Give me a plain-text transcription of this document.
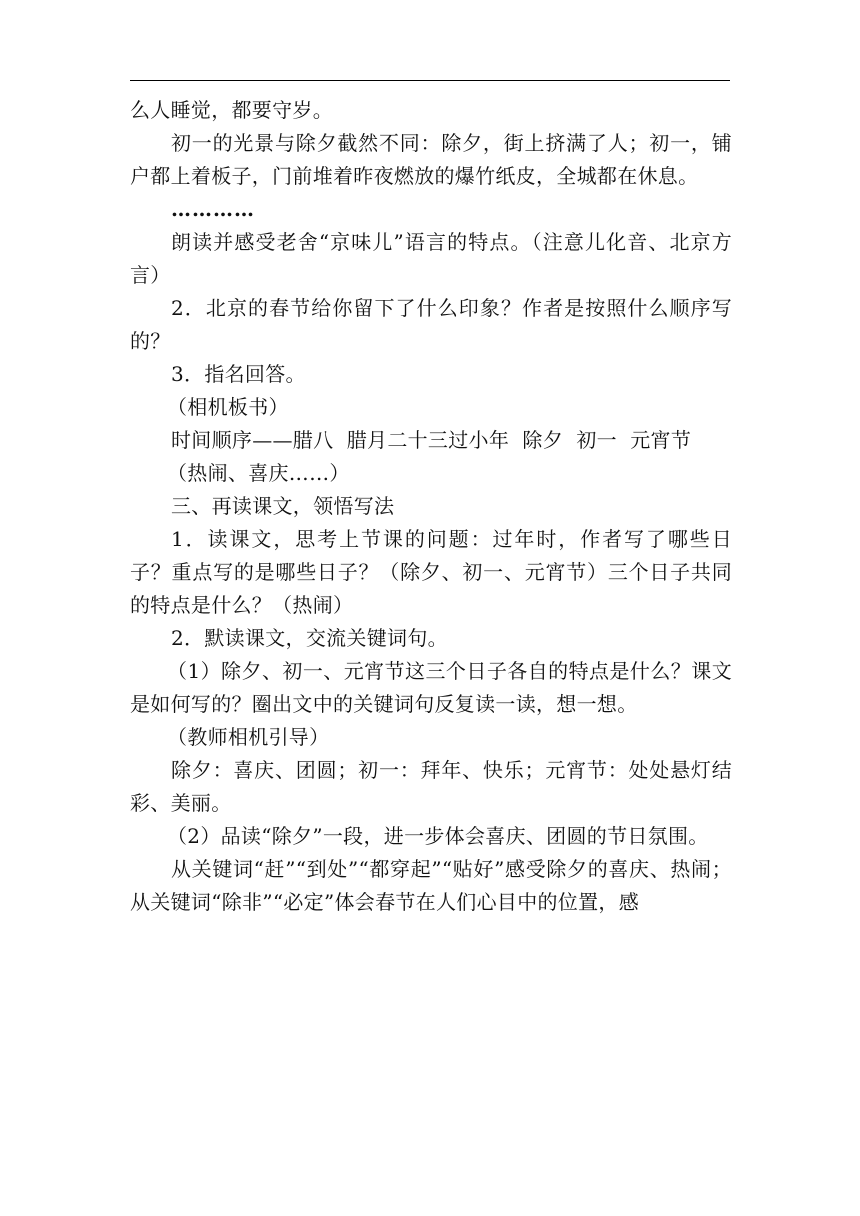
么人睡觉，都要守岁。

初一的光景与除夕截然不同：除夕，街上挤满了人；初一，铺户都上着板子，门前堆着昨夜燃放的爆竹纸皮，全城都在休息。

…………

朗读并感受老舍“京味儿”语言的特点。（注意儿化音、北京方言）

2．北京的春节给你留下了什么印象？作者是按照什么顺序写的？

3．指名回答。

（相机板书）

时间顺序——腊八  腊月二十三过小年  除夕  初一  元宵节

（热闹、喜庆……）

三、再读课文，领悟写法

1．读课文，思考上节课的问题：过年时，作者写了哪些日子？重点写的是哪些日子？（除夕、初一、元宵节）三个日子共同的特点是什么？（热闹）

2．默读课文，交流关键词句。

（1）除夕、初一、元宵节这三个日子各自的特点是什么？课文是如何写的？圈出文中的关键词句反复读一读，想一想。

（教师相机引导）

除夕：喜庆、团圆；初一：拜年、快乐；元宵节：处处悬灯结彩、美丽。

（2）品读“除夕”一段，进一步体会喜庆、团圆的节日氛围。

从关键词“赶”“到处”“都穿起”“贴好”感受除夕的喜庆、热闹；从关键词“除非”“必定”体会春节在人们心目中的位置，感
